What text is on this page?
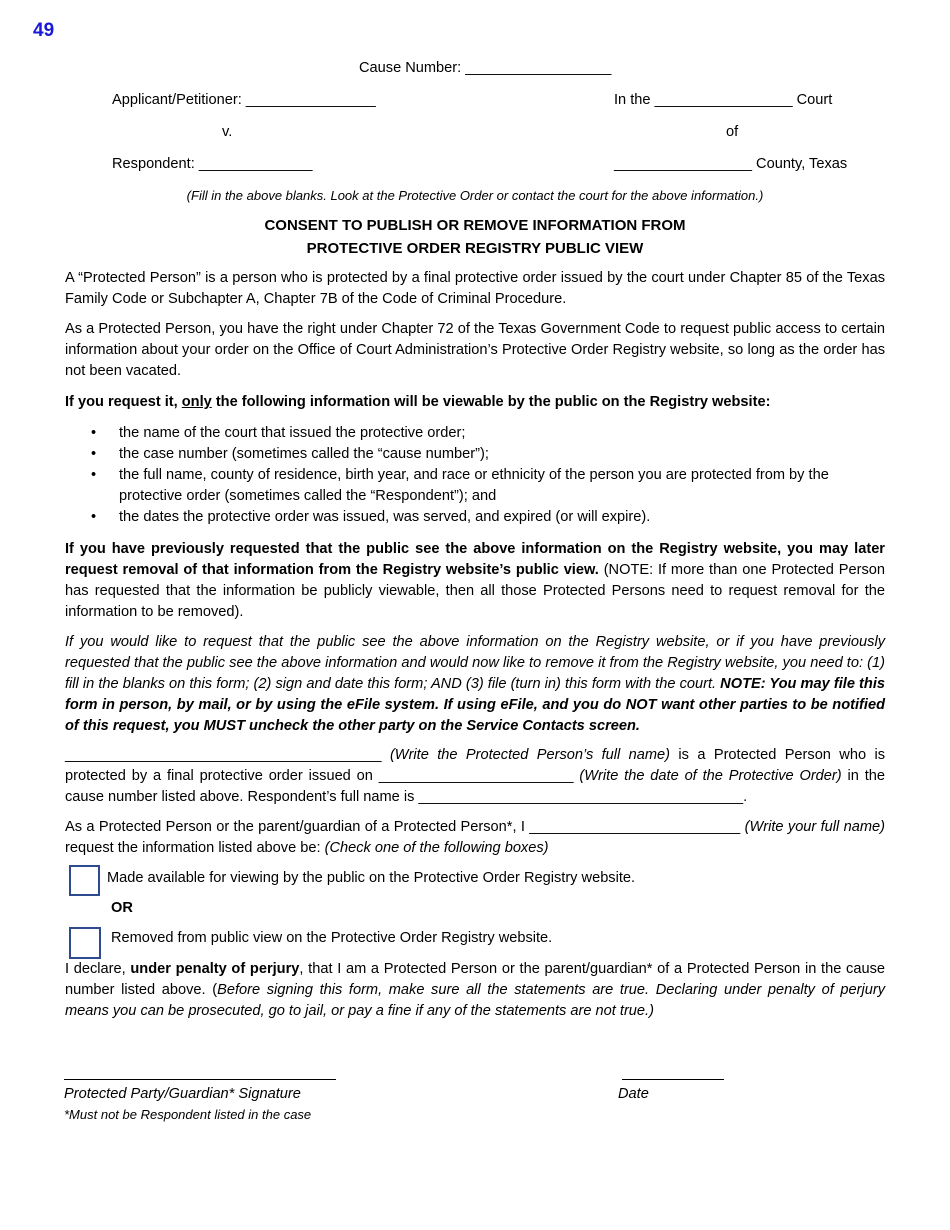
49
Cause Number: __________________
Applicant/Petitioner: ________________	In the _________________ Court
v.	of
Respondent: ______________	_________________ County, Texas
(Fill in the above blanks. Look at the Protective Order or contact the court for the above information.)
CONSENT TO PUBLISH OR REMOVE INFORMATION FROM
PROTECTIVE ORDER REGISTRY PUBLIC VIEW
A “Protected Person” is a person who is protected by a final protective order issued by the court under Chapter 85 of the Texas Family Code or Subchapter A, Chapter 7B of the Code of Criminal Procedure.
As a Protected Person, you have the right under Chapter 72 of the Texas Government Code to request public access to certain information about your order on the Office of Court Administration’s Protective Order Registry website, so long as the order has not been vacated.
If you request it, only the following information will be viewable by the public on the Registry website:
• the name of the court that issued the protective order;
• the case number (sometimes called the “cause number”);
• the full name, county of residence, birth year, and race or ethnicity of the person you are protected from by the protective order (sometimes called the “Respondent”); and
• the dates the protective order was issued, was served, and expired (or will expire).
If you have previously requested that the public see the above information on the Registry website, you may later request removal of that information from the Registry website’s public view. (NOTE: If more than one Protected Person has requested that the information be publicly viewable, then all those Protected Persons need to request removal for the information to be removed).
If you would like to request that the public see the above information on the Registry website, or if you have previously requested that the public see the above information and would now like to remove it from the Registry website, you need to: (1) fill in the blanks on this form; (2) sign and date this form; AND (3) file (turn in) this form with the court. NOTE: You may file this form in person, by mail, or by using the eFile system. If using eFile, and you do NOT want other parties to be notified of this request, you MUST uncheck the other party on the Service Contacts screen.
_______________________________________ (Write the Protected Person’s full name) is a Protected Person who is protected by a final protective order issued on ________________________ (Write the date of the Protective Order) in the cause number listed above. Respondent’s full name is ________________________________________.
As a Protected Person or the parent/guardian of a Protected Person*, I __________________________ (Write your full name) request the information listed above be: (Check one of the following boxes)
Made available for viewing by the public on the Protective Order Registry website.
OR
Removed from public view on the Protective Order Registry website.
I declare, under penalty of perjury, that I am a Protected Person or the parent/guardian* of a Protected Person in the cause number listed above. (Before signing this form, make sure all the statements are true. Declaring under penalty of perjury means you can be prosecuted, go to jail, or pay a fine if any of the statements are not true.)
Protected Party/Guardian* Signature
*Must not be Respondent listed in the case
Date
